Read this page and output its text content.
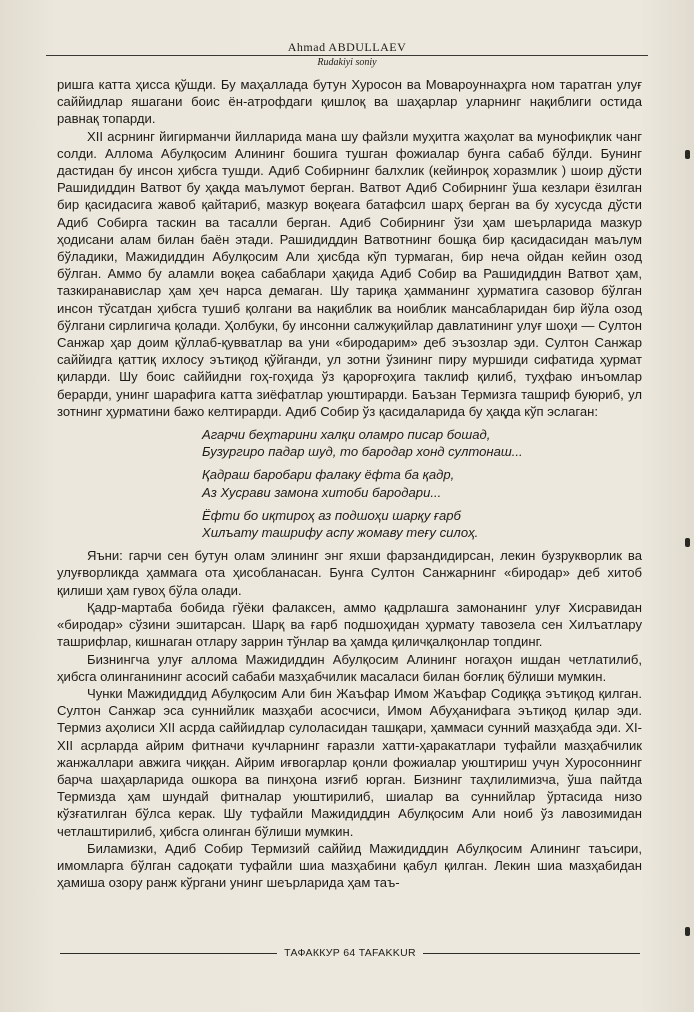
Ahmad ABDULLAEV
Rudakiyi soniy

ришга катта ҳисса қўшди. Бу маҳаллада бутун Хуросон ва Мовароуннаҳрга ном таратган улуғ саййидлар яшагани боис ён-атрофдаги қишлоқ ва шаҳарлар уларнинг нақиблиги остида равнақ топарди.

XII асрнинг йигирманчи йилларида мана шу файзли муҳитга жаҳолат ва мунофиқлик чанг солди. Аллома Абулқосим Алининг бошига тушган фожиалар бунга сабаб бўлди. Бунинг дастидан бу инсон ҳибсга тушди. Адиб Собирнинг балхлик (кейинроқ хоразмлик ) шоир дўсти Рашидиддин Ватвот бу ҳақда маълумот берган. Ватвот Адиб Собирнинг ўша кезлари ёзилган бир қасидасига жавоб қайтариб, мазкур воқеага батафсил шарҳ берган ва бу хусусда дўсти Адиб Собирга таскин ва тасалли берган. Адиб Собирнинг ўзи ҳам шеърларида мазкур ҳодисани алам билан баён этади. Рашидиддин Ватвотнинг бошқа бир қасидасидан маълум бўладики, Мажидиддин Абулқосим Али ҳисбда кўп турмаган, бир неча ойдан кейин озод бўлган. Аммо бу аламли воқеа сабаблари ҳақида Адиб Собир ва Рашидиддин Ватвот ҳам, тазкиранавислар ҳам ҳеч нарса демаган. Шу тариқа ҳамманинг ҳурматига сазовор бўлган инсон тўсатдан ҳибсга тушиб қолгани ва нақиблик ва ноиблик мансабларидан бир йўла озод бўлгани сирлигича қолади. Ҳолбуки, бу инсонни салжуқийлар давлатининг улуғ шоҳи — Султон Санжар ҳар доим қўллаб-қувватлар ва уни «биродарим» деб эъзозлар эди. Султон Санжар саййидга қаттиқ ихлосу эътиқод қўйганди, ул зотни ўзининг пиру муршиди сифатида ҳурмат қиларди. Шу боис саййидни гоҳ-гоҳида ўз қарорғоҳига таклиф қилиб, туҳфаю инъомлар берарди, унинг шарафига катта зиёфатлар уюштирарди. Баъзан Термизга ташриф буюриб, ул зотнинг ҳурматини бажо келтирарди. Адиб Собир ўз қасидаларида бу ҳақда кўп эслаган:

Агарчи беҳтарини халқи оламро писар бошад,
Бузургиро падар шуд, то бародар хонд султонаш...
Қадраш баробари фалаку ёфта ба қадр,
Аз Хусрави замона хитоби бародари...
Ёфти бо иқтироҳ аз подшоҳи шарқу ғарб
Хилъату ташрифу аспу жомаву теғу силоҳ.

Яъни: гарчи сен бутун олам элининг энг яхши фарзандидирсан, лекин бузрукворлик ва улуғворликда ҳаммага ота ҳисобланасан. Бунга Султон Санжарнинг «биродар» деб хитоб қилиши ҳам гувоҳ бўла олади.

Қадр-мартаба бобида гўёки фалаксен, аммо қадрлашга замонанинг улуғ Хисравидан «биродар» сўзини эшитарсан. Шарқ ва ғарб подшоҳидан ҳурмату тавозела сен Хилъатлару ташрифлар, кишнаган отлару заррин тўнлар ва ҳамда қиличқалқонлар топдинг.

Бизнингча улуғ аллома Мажидиддин Абулқосим Алининг ногаҳон ишдан четлатилиб, ҳибсга олинганининг асосий сабаби мазҳабчилик масаласи билан боғлиқ бўлиши мумкин.

Чунки Мажидиддид Абулқосим Али бин Жаъфар Имом Жаъфар Содиққа эътиқод қилган. Султон Санжар эса суннийлик мазҳаби асосчиси, Имом Абуҳанифага эътиқод қилар эди. Термиз аҳолиси XII асрда саййидлар сулоласидан ташқари, ҳаммаси сунний мазҳабда эди. XI-XII асрларда айрим фитначи кучларнинг ғаразли хатти-ҳаракатлари туфайли мазҳабчилик жанжаллари авжига чиққан. Айрим иғвогарлар қонли фожиалар уюштириш учун Хуросоннинг барча шаҳарларида ошкора ва пинҳона изғиб юрган. Бизнинг таҳлилимизча, ўша пайтда Термизда ҳам шундай фитналар уюштирилиб, шиалар ва суннийлар ўртасида низо кўзғатилган бўлса керак. Шу туфайли Мажидиддин Абулқосим Али ноиб ўз лавозимидан четлаштирилиб, ҳибсга олинган бўлиши мумкин.

Биламизки, Адиб Собир Термизий саййид Мажидиддин Абулқосим Алининг таъсири, имомларга бўлган садоқати туфайли шиа мазҳабини қабул қилган. Лекин шиа мазҳабидан ҳамиша озору ранж кўргани унинг шеърларида ҳам таъ-

ТАФАККУР 64 TAFAKKUR
